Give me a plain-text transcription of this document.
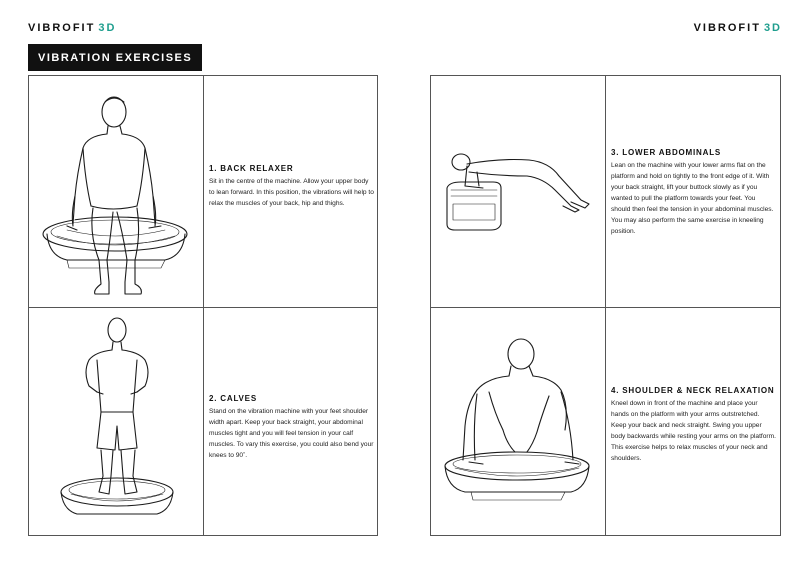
VIBROFIT 3D	VIBROFIT 3D
VIBRATION EXERCISES
1. BACK RELAXER
Sit in the centre of the machine. Allow your upper body to lean forward. In this position, the vibrations will help to relax the muscles of your back, hip and thighs.
2. CALVES
Stand on the vibration machine with your feet shoulder width apart. Keep your back straight, your abdominal muscles tight and you will feel tension in your calf muscles. To vary this exercise, you could also bend your knees to 90˚.
3. LOWER ABDOMINALS
Lean on the machine with your lower arms flat on the platform and hold on tightly to the front edge of it. With your back straight, lift your buttock slowly as if you wanted to pull the platform towards your feet. You should then feel the tension in your abdominal muscles. You may also perform the same exercise in kneeling position.
4. SHOULDER & NECK RELAXATION
Kneel down in front of the machine and place your hands on the platform with your arms outstretched. Keep your back and neck straight. Swing you upper body backwards while resting your arms on the platform. This exercise helps to relax muscles of your neck and shoulders.
